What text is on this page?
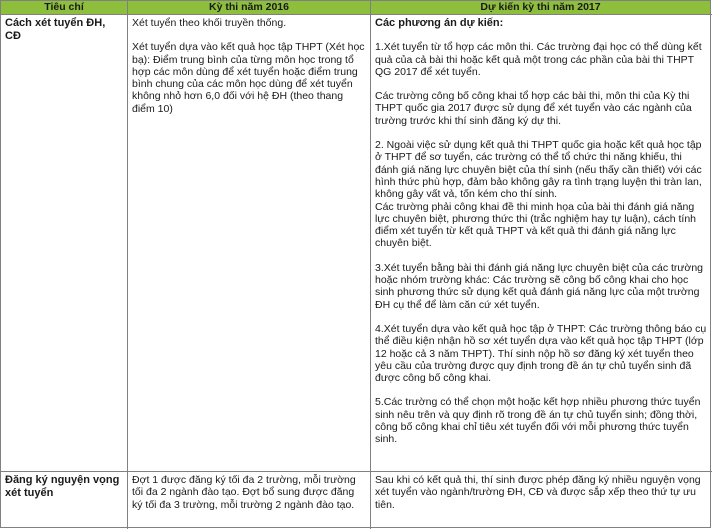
Tiêu chí	Kỳ thi năm 2016	Dự kiến kỳ thi năm 2017
Cách xét tuyển ĐH, CĐ

Xét tuyển theo khối truyền thống.

Xét tuyển dựa vào kết quả học tập THPT (Xét học bạ): Điểm trung bình của từng môn học trong tổ hợp các môn dùng để xét tuyển hoặc điểm trung bình chung của các môn học dùng để xét tuyển không nhỏ hơn 6,0 đối với hệ ĐH (theo thang điểm 10)

Các phương án dự kiến:

1.Xét tuyển từ tổ hợp các môn thi. Các trường đại học có thể dùng kết quả của cả bài thi hoặc kết quả một trong các phần của bài thi THPT QG 2017 để xét tuyển.

Các trường công bố công khai tổ hợp các bài thi, môn thi của Kỳ thi THPT quốc gia 2017 được sử dụng để xét tuyển vào các ngành của trường trước khi thí sinh đăng ký dự thi.

2. Ngoài việc sử dụng kết quả thi THPT quốc gia hoặc kết quả học tập ở THPT để sơ tuyển, các trường có thể tổ chức thi năng khiếu, thi đánh giá năng lực chuyên biệt của thí sinh (nếu thấy cần thiết) với các hình thức phù hợp, đảm bảo không gây ra tình trạng luyện thi tràn lan, không gây vất vả, tốn kém cho thí sinh.

Các trường phải công khai đề thi minh họa của bài thi đánh giá năng lực chuyên biệt, phương thức thi (trắc nghiệm hay tự luận), cách tính điểm xét tuyển từ kết quả THPT và kết quả thi đánh giá năng lực chuyên biệt.

3.Xét tuyển bằng bài thi đánh giá năng lực chuyên biệt của các trường hoặc nhóm trường khác: Các trường sẽ công bố công khai cho học sinh phương thức sử dụng kết quả đánh giá năng lực của một trường ĐH cụ thể để làm căn cứ xét tuyển.

4.Xét tuyển dựa vào kết quả học tập ở THPT: Các trường thông báo cụ thể điều kiện nhận hồ sơ xét tuyển dựa vào kết quả học tập THPT (lớp 12 hoặc cả 3 năm THPT). Thí sinh nộp hồ sơ đăng ký xét tuyển theo yêu cầu của trường được quy định trong đề án tự chủ tuyển sinh đã được công bố công khai.

5.Các trường có thể chọn một hoặc kết hợp nhiều phương thức tuyển sinh nêu trên và quy định rõ trong đề án tự chủ tuyển sinh; đồng thời, công bố công khai chỉ tiêu xét tuyển đối với mỗi phương thức tuyển sinh.

Đăng ký nguyện vọng xét tuyển

Đợt 1 được đăng ký tối đa 2 trường, mỗi trường tối đa 2 ngành đào tạo. Đợt bổ sung được đăng ký tối đa 3 trường, mỗi trường 2 ngành đào tạo.

Sau khi có kết quả thi, thí sinh được phép đăng ký nhiều nguyện vọng xét tuyển vào ngành/trường ĐH, CĐ và được sắp xếp theo thứ tự ưu tiên.
